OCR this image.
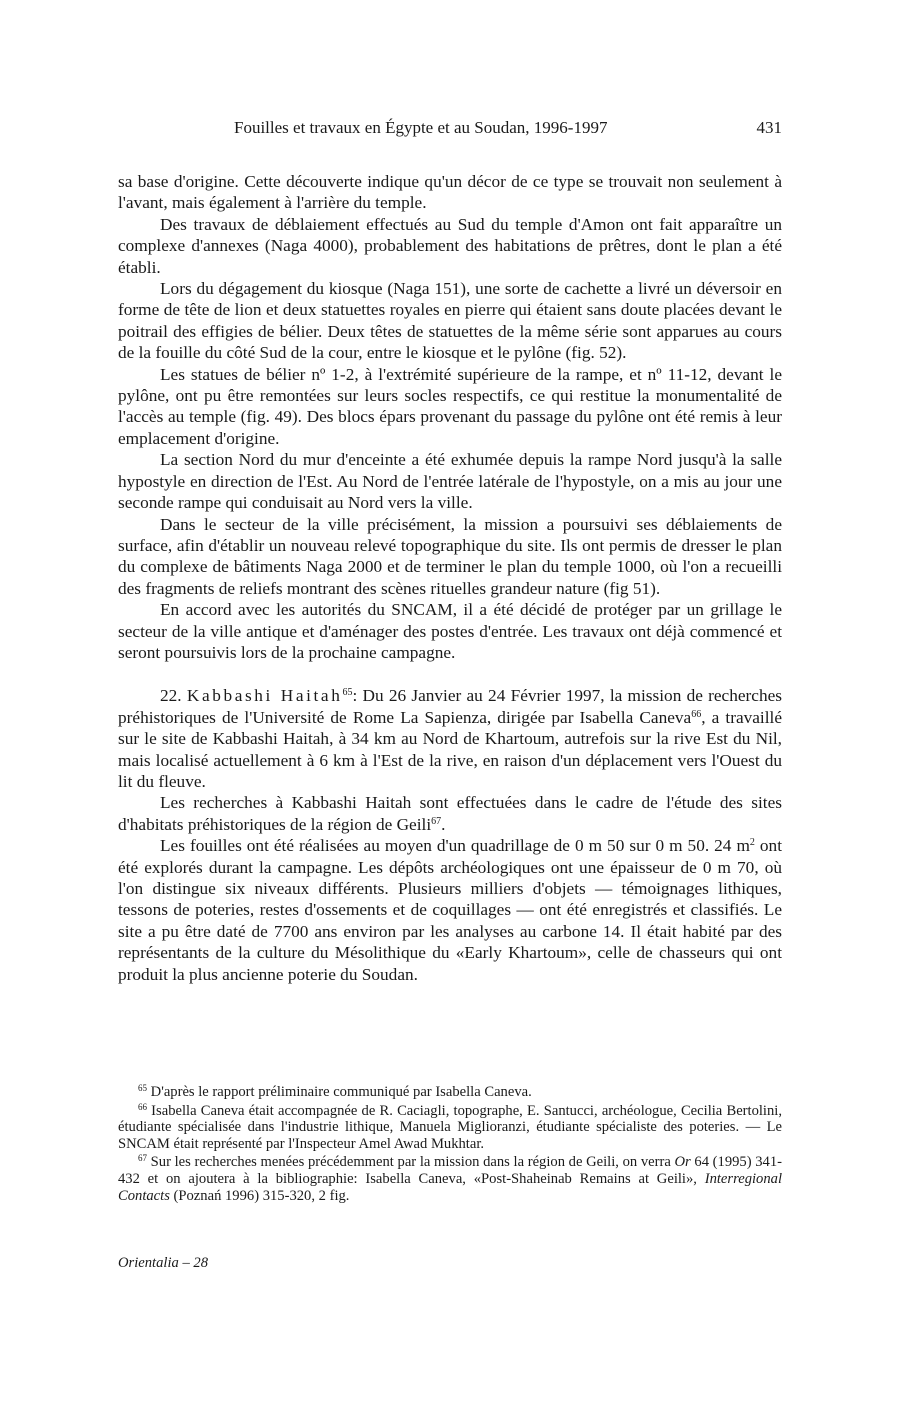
Fouilles et travaux en Égypte et au Soudan, 1996-1997	431

sa base d'origine. Cette découverte indique qu'un décor de ce type se trouvait non seulement à l'avant, mais également à l'arrière du temple.

Des travaux de déblaiement effectués au Sud du temple d'Amon ont fait apparaître un complexe d'annexes (Naga 4000), probablement des habitations de prêtres, dont le plan a été établi.

Lors du dégagement du kiosque (Naga 151), une sorte de cachette a livré un déversoir en forme de tête de lion et deux statuettes royales en pierre qui étaient sans doute placées devant le poitrail des effigies de bélier. Deux têtes de statuettes de la même série sont apparues au cours de la fouille du côté Sud de la cour, entre le kiosque et le pylône (fig. 52).

Les statues de bélier nº 1-2, à l'extrémité supérieure de la rampe, et nº 11-12, devant le pylône, ont pu être remontées sur leurs socles respectifs, ce qui restitue la monumentalité de l'accès au temple (fig. 49). Des blocs épars provenant du passage du pylône ont été remis à leur emplacement d'origine.

La section Nord du mur d'enceinte a été exhumée depuis la rampe Nord jusqu'à la salle hypostyle en direction de l'Est. Au Nord de l'entrée latérale de l'hypostyle, on a mis au jour une seconde rampe qui conduisait au Nord vers la ville.

Dans le secteur de la ville précisément, la mission a poursuivi ses déblaiements de surface, afin d'établir un nouveau relevé topographique du site. Ils ont permis de dresser le plan du complexe de bâtiments Naga 2000 et de terminer le plan du temple 1000, où l'on a recueilli des fragments de reliefs montrant des scènes rituelles grandeur nature (fig 51).

En accord avec les autorités du SNCAM, il a été décidé de protéger par un grillage le secteur de la ville antique et d'aménager des postes d'entrée. Les travaux ont déjà commencé et seront poursuivis lors de la prochaine campagne.

22. Kabbashi Haitah$^{65}$: Du 26 Janvier au 24 Février 1997, la mission de recherches préhistoriques de l'Université de Rome La Sapienza, dirigée par Isabella Caneva$^{66}$, a travaillé sur le site de Kabbashi Haitah, à 34 km au Nord de Khartoum, autrefois sur la rive Est du Nil, mais localisé actuellement à 6 km à l'Est de la rive, en raison d'un déplacement vers l'Ouest du lit du fleuve.

Les recherches à Kabbashi Haitah sont effectuées dans le cadre de l'étude des sites d'habitats préhistoriques de la région de Geili$^{67}$.

Les fouilles ont été réalisées au moyen d'un quadrillage de 0 m 50 sur 0 m 50. 24 $m^2$ ont été explorés durant la campagne. Les dépôts archéologiques ont une épaisseur de 0 m 70, où l'on distingue six niveaux différents. Plusieurs milliers d'objets — témoignages lithiques, tessons de poteries, restes d'ossements et de coquillages — ont été enregistrés et classifiés. Le site a pu être daté de 7700 ans environ par les analyses au carbone 14. Il était habité par des représentants de la culture du Mésolithique du «Early Khartoum», celle de chasseurs qui ont produit la plus ancienne poterie du Soudan.

$^{65}$ D'après le rapport préliminaire communiqué par Isabella Caneva.

$^{66}$ Isabella Caneva était accompagnée de R. Caciagli, topographe, E. Santucci, archéologue, Cecilia Bertolini, étudiante spécialisée dans l'industrie lithique, Manuela Miglioranzi, étudiante spécialiste des poteries. — Le SNCAM était représenté par l'Inspecteur Amel Awad Mukhtar.

$^{67}$ Sur les recherches menées précédemment par la mission dans la région de Geili, on verra Or 64 (1995) 341-432 et on ajoutera à la bibliographie: Isabella Caneva, «Post-Shaheinab Remains at Geili», Interregional Contacts (Poznań 1996) 315-320, 2 fig.

Orientalia – 28
